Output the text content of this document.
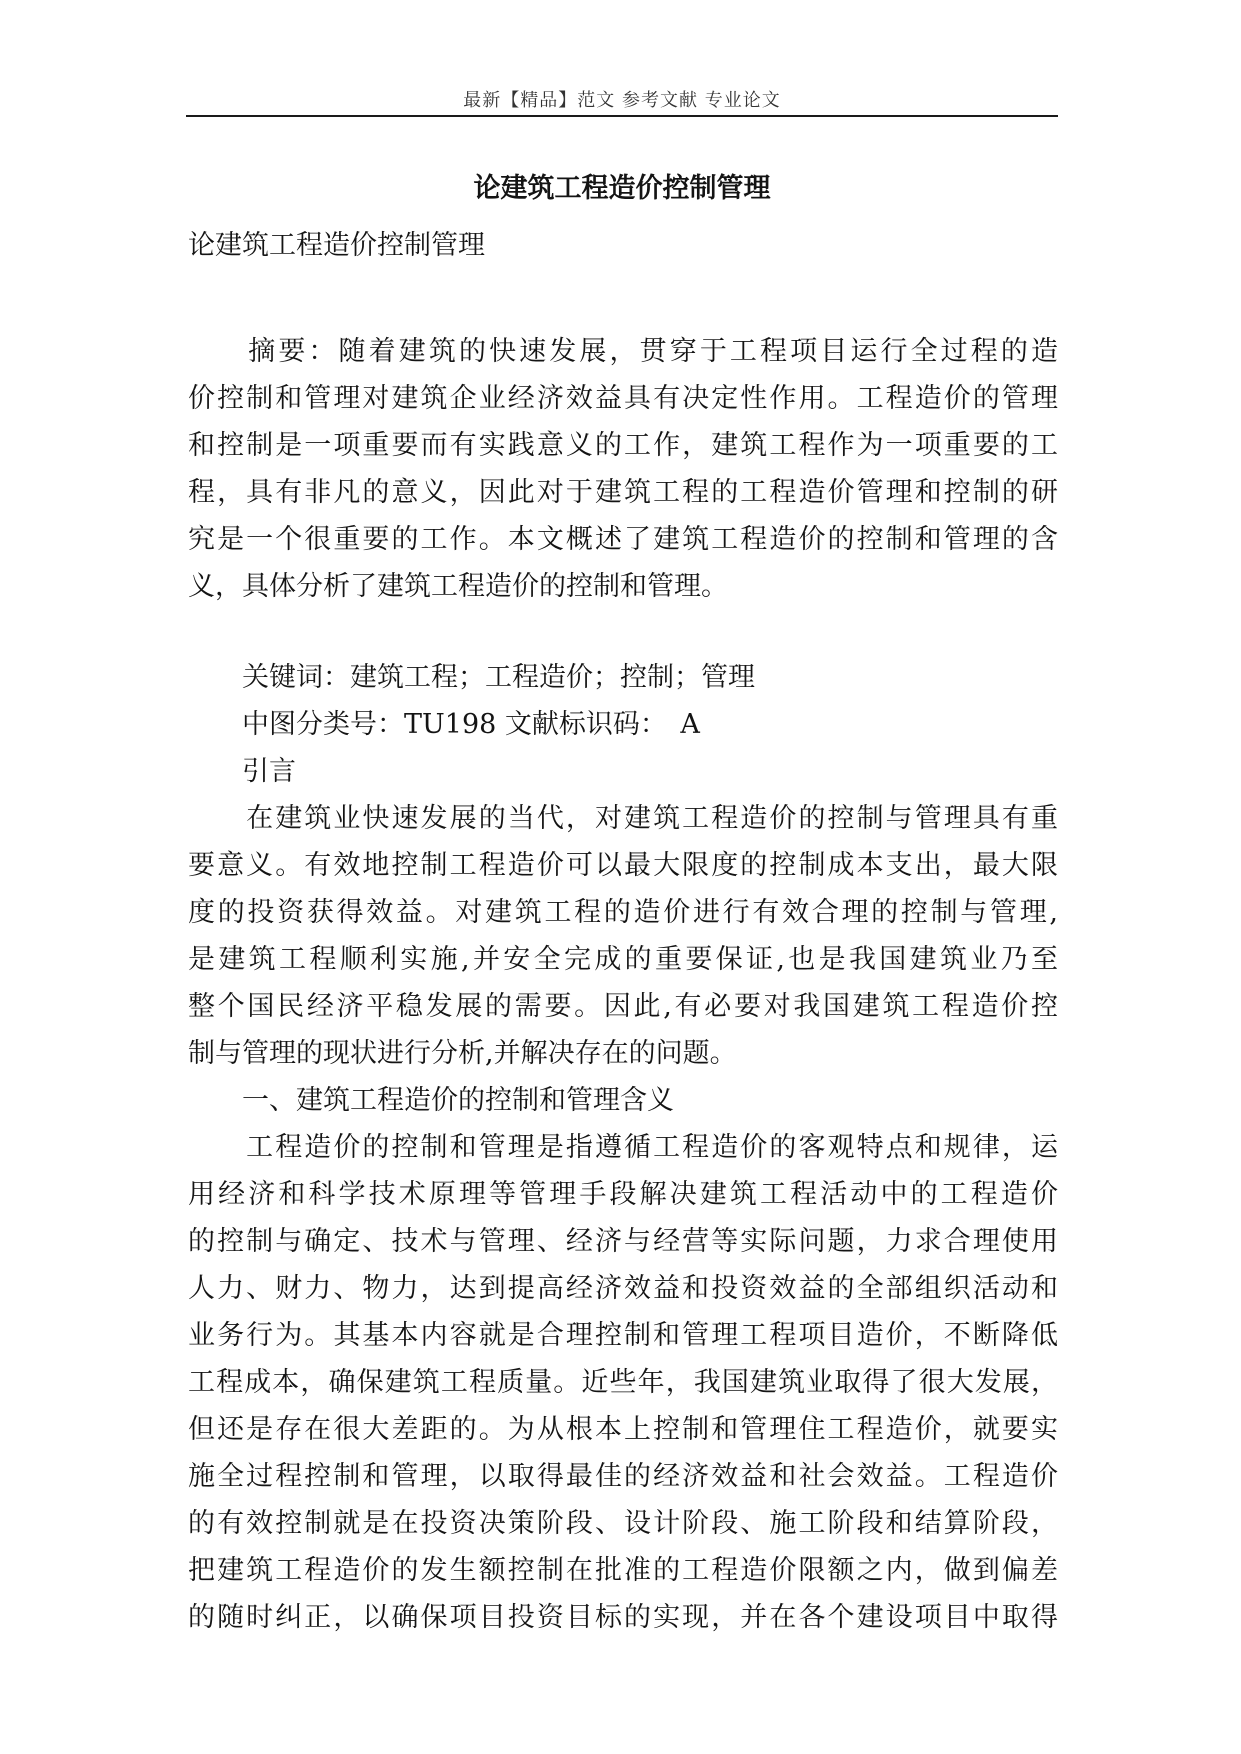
最新【精品】范文 参考文献 专业论文
论建筑工程造价控制管理
论建筑工程造价控制管理
　　摘要：随着建筑的快速发展，贯穿于工程项目运行全过程的造
价控制和管理对建筑企业经济效益具有决定性作用。工程造价的管理
和控制是一项重要而有实践意义的工作，建筑工程作为一项重要的工
程，具有非凡的意义，因此对于建筑工程的工程造价管理和控制的研
究是一个很重要的工作。本文概述了建筑工程造价的控制和管理的含
义，具体分析了建筑工程造价的控制和管理。
　　关键词：建筑工程；工程造价；控制；管理
　　中图分类号：TU198 文献标识码：　A
　　引言
　　在建筑业快速发展的当代，对建筑工程造价的控制与管理具有重
要意义。有效地控制工程造价可以最大限度的控制成本支出，最大限
度的投资获得效益。对建筑工程的造价进行有效合理的控制与管理,
是建筑工程顺利实施,并安全完成的重要保证,也是我国建筑业乃至
整个国民经济平稳发展的需要。因此,有必要对我国建筑工程造价控
制与管理的现状进行分析,并解决存在的问题。
　　一、建筑工程造价的控制和管理含义
　　工程造价的控制和管理是指遵循工程造价的客观特点和规律，运
用经济和科学技术原理等管理手段解决建筑工程活动中的工程造价
的控制与确定、技术与管理、经济与经营等实际问题，力求合理使用
人力、财力、物力，达到提高经济效益和投资效益的全部组织活动和
业务行为。其基本内容就是合理控制和管理工程项目造价，不断降低
工程成本，确保建筑工程质量。近些年，我国建筑业取得了很大发展，
但还是存在很大差距的。为从根本上控制和管理住工程造价，就要实
施全过程控制和管理，以取得最佳的经济效益和社会效益。工程造价
的有效控制就是在投资决策阶段、设计阶段、施工阶段和结算阶段，
把建筑工程造价的发生额控制在批准的工程造价限额之内，做到偏差
的随时纠正，以确保项目投资目标的实现，并在各个建设项目中取得
